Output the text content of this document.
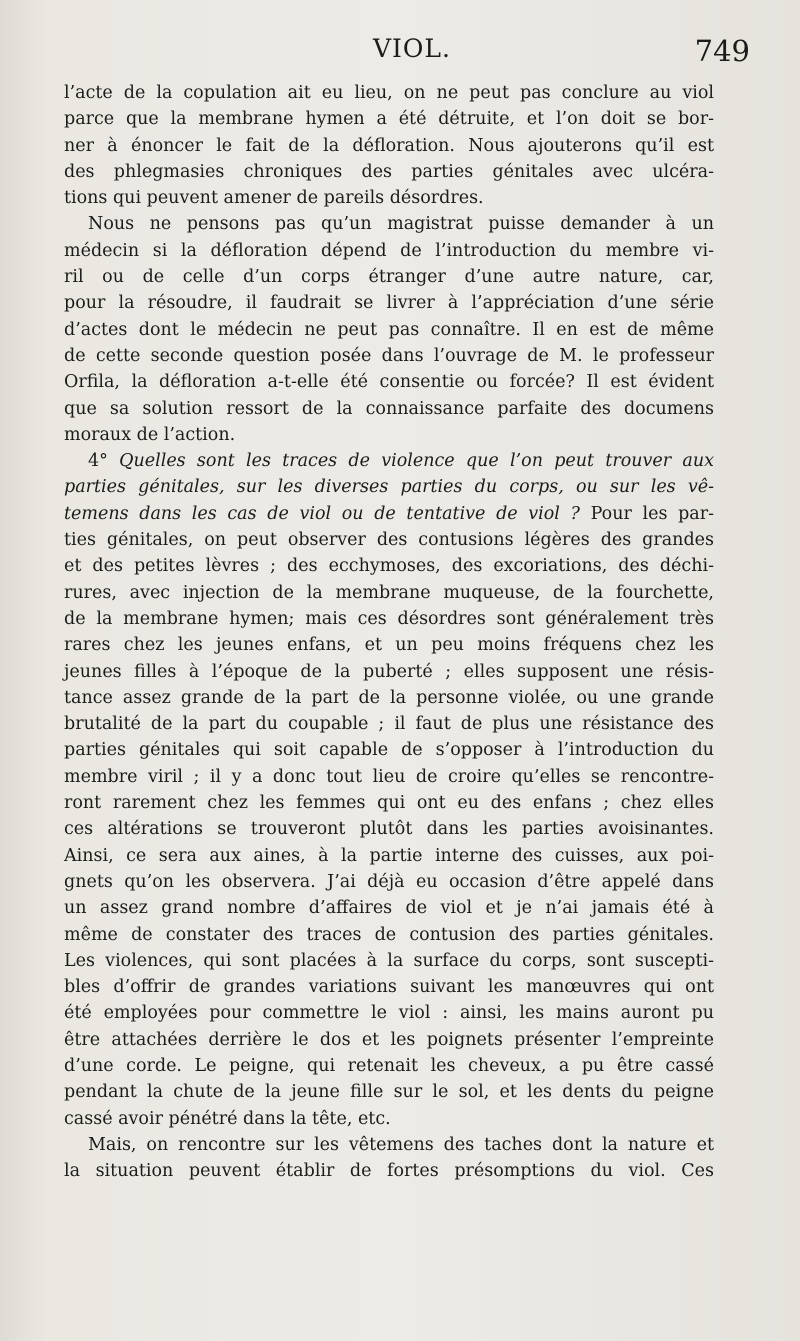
VIOL.	749
l’acte de la copulation ait eu lieu, on ne peut pas conclure au viol
parce que la membrane hymen a été détruite, et l’on doit se bor-
ner à énoncer le fait de la défloration. Nous ajouterons qu’il est
des phlegmasies chroniques des parties génitales avec ulcéra-
tions qui peuvent amener de pareils désordres.
Nous ne pensons pas qu’un magistrat puisse demander à un
médecin si la défloration dépend de l’introduction du membre vi-
ril ou de celle d’un corps étranger d’une autre nature, car,
pour la résoudre, il faudrait se livrer à l’appréciation d’une série
d’actes dont le médecin ne peut pas connaître. Il en est de même
de cette seconde question posée dans l’ouvrage de M. le professeur
Orfila, la défloration a-t-elle été consentie ou forcée? Il est évident
que sa solution ressort de la connaissance parfaite des documens
moraux de l’action.
4° Quelles sont les traces de violence que l’on peut trouver aux
parties génitales, sur les diverses parties du corps, ou sur les vê-
temens dans les cas de viol ou de tentative de viol ? Pour les par-
ties génitales, on peut observer des contusions légères des grandes
et des petites lèvres ; des ecchymoses, des excoriations, des déchi-
rures, avec injection de la membrane muqueuse, de la fourchette,
de la membrane hymen; mais ces désordres sont généralement très
rares chez les jeunes enfans, et un peu moins fréquens chez les
jeunes filles à l’époque de la puberté ; elles supposent une résis-
tance assez grande de la part de la personne violée, ou une grande
brutalité de la part du coupable ; il faut de plus une résistance des
parties génitales qui soit capable de s’opposer à l’introduction du
membre viril ; il y a donc tout lieu de croire qu’elles se rencontre-
ront rarement chez les femmes qui ont eu des enfans ; chez elles
ces altérations se trouveront plutôt dans les parties avoisinantes.
Ainsi, ce sera aux aines, à la partie interne des cuisses, aux poi-
gnets qu’on les observera. J’ai déjà eu occasion d’être appelé dans
un assez grand nombre d’affaires de viol et je n’ai jamais été à
même de constater des traces de contusion des parties génitales.
Les violences, qui sont placées à la surface du corps, sont suscepti-
bles d’offrir de grandes variations suivant les manœuvres qui ont
été employées pour commettre le viol : ainsi, les mains auront pu
être attachées derrière le dos et les poignets présenter l’empreinte
d’une corde. Le peigne, qui retenait les cheveux, a pu être cassé
pendant la chute de la jeune fille sur le sol, et les dents du peigne
cassé avoir pénétré dans la tête, etc.
Mais, on rencontre sur les vêtemens des taches dont la nature et
la situation peuvent établir de fortes présomptions du viol. Ces
